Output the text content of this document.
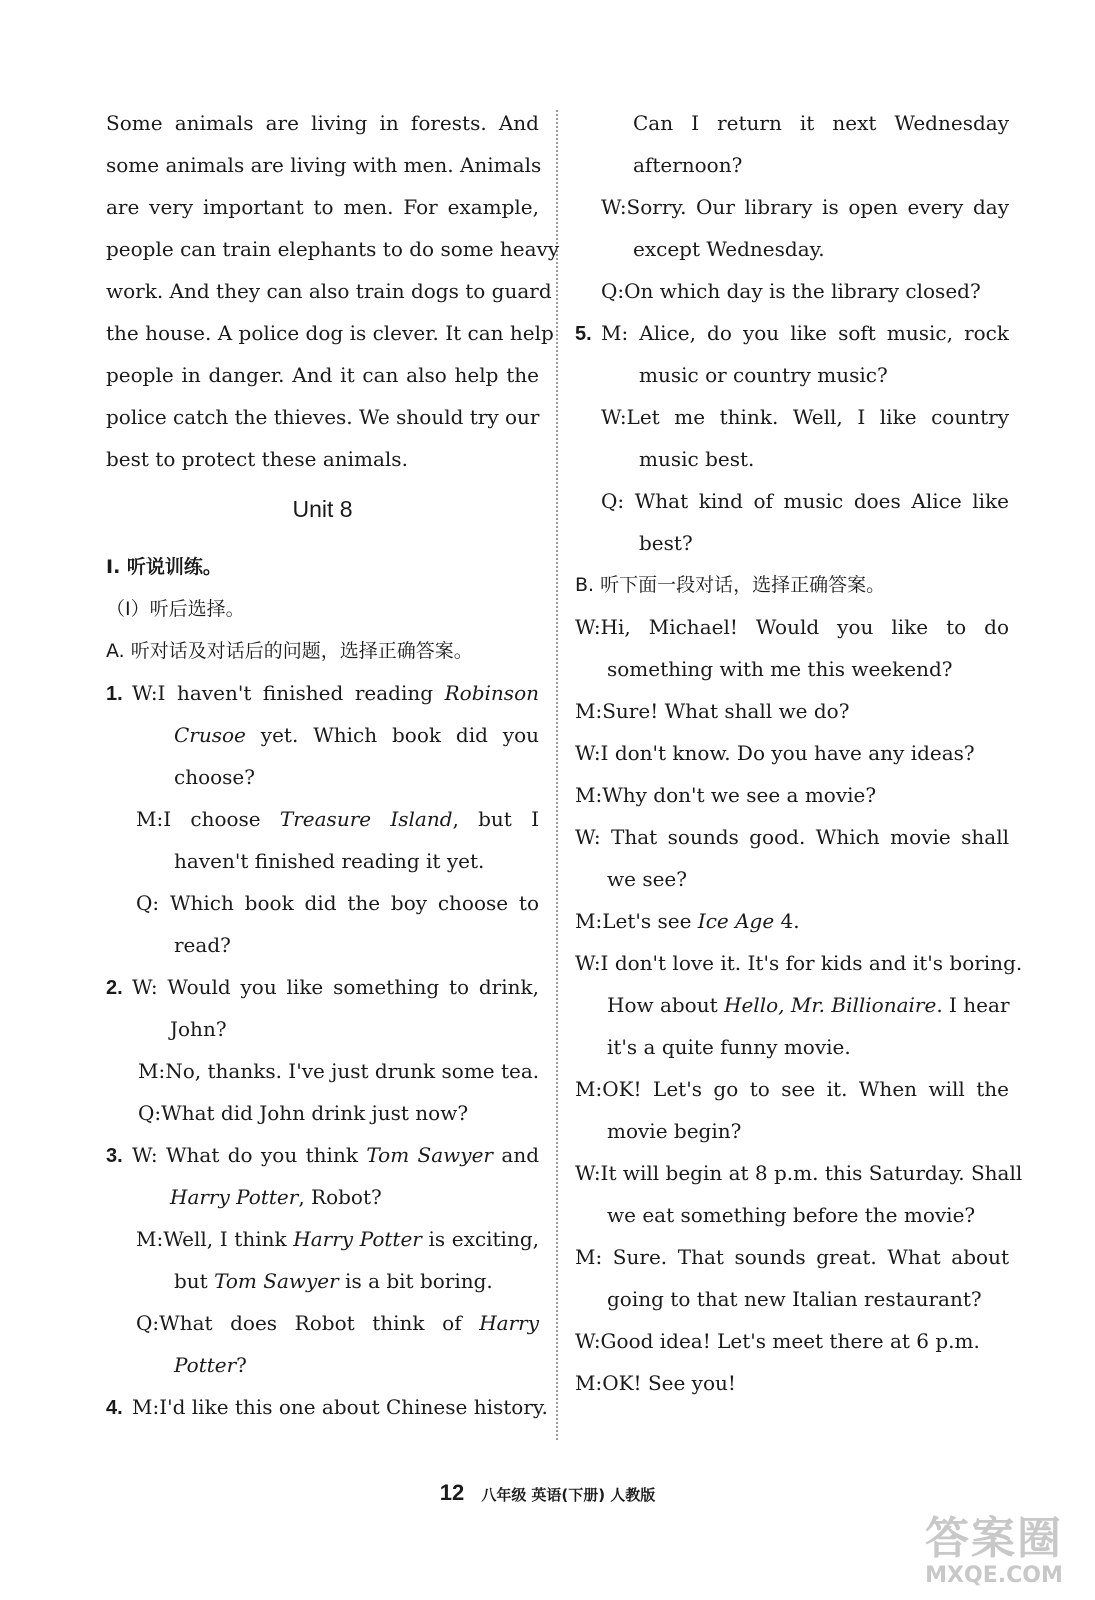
Some animals are living in forests. And
some animals are living with men. Animals
are very important to men. For example,
people can train elephants to do some heavy
work. And they can also train dogs to guard
the house. A police dog is clever. It can help
people in danger. And it can also help the
police catch the thieves. We should try our
best to protect these animals.
Unit 8
Ⅰ. 听说训练。
（Ⅰ）听后选择。
A. 听对话及对话后的问题，选择正确答案。
1. W:I haven't finished reading Robinson
Crusoe yet. Which book did you
choose?
M:I choose Treasure Island, but I
haven't finished reading it yet.
Q: Which book did the boy choose to
read?
2. W: Would you like something to drink,
John?
M:No, thanks. I've just drunk some tea.
Q:What did John drink just now?
3. W: What do you think Tom Sawyer and
Harry Potter, Robot?
M:Well, I think Harry Potter is exciting,
but Tom Sawyer is a bit boring.
Q:What does Robot think of Harry
Potter?
4. M:I'd like this one about Chinese history.
Can I return it next Wednesday
afternoon?
W:Sorry. Our library is open every day
except Wednesday.
Q:On which day is the library closed?
5. M: Alice, do you like soft music, rock
music or country music?
W:Let me think. Well, I like country
music best.
Q: What kind of music does Alice like
best?
B. 听下面一段对话，选择正确答案。
W:Hi, Michael! Would you like to do
something with me this weekend?
M:Sure! What shall we do?
W:I don't know. Do you have any ideas?
M:Why don't we see a movie?
W: That sounds good. Which movie shall
we see?
M:Let's see Ice Age 4.
W:I don't love it. It's for kids and it's boring.
How about Hello, Mr. Billionaire. I hear
it's a quite funny movie.
M:OK! Let's go to see it. When will the
movie begin?
W:It will begin at 8 p.m. this Saturday. Shall
we eat something before the movie?
M: Sure. That sounds great. What about
going to that new Italian restaurant?
W:Good idea! Let's meet there at 6 p.m.
M:OK! See you!
12 八年级 英语(下册) 人教版
答案圈
MXQE.COM
